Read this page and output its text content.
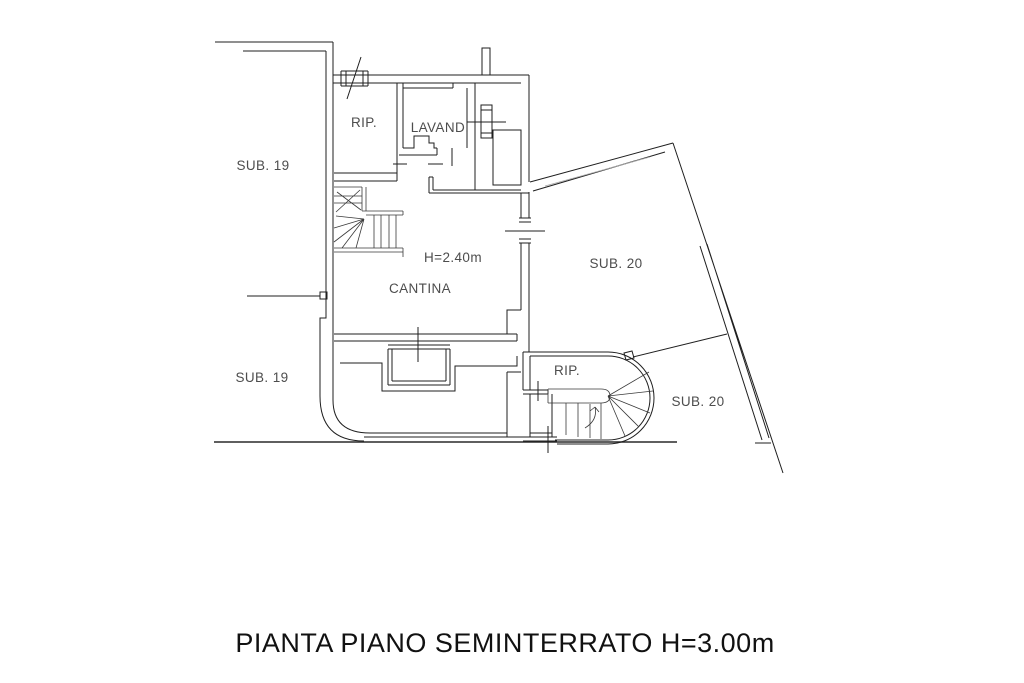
SUB. 19
SUB. 19
RIP. LAVAND.
H=2.40m
CANTINA
SUB. 20
RIP.
SUB. 20
PIANTA PIANO SEMINTERRATO H=3.00m
